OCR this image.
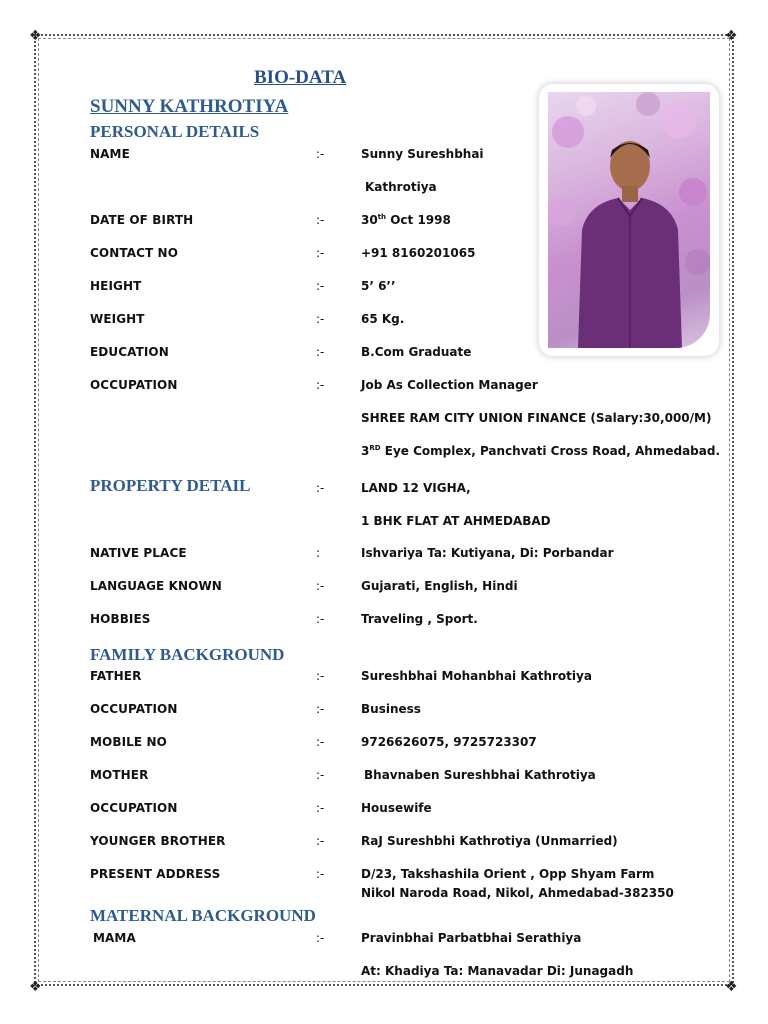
❖	❖
❖	❖
BIO-DATA
SUNNY KATHROTIYA
PERSONAL DETAILS
NAME	:-	Sunny Sureshbhai
Kathrotiya
DATE OF BIRTH	:-	30th Oct 1998
CONTACT NO	:-	+91 8160201065
HEIGHT	:-	5’ 6’’
WEIGHT	:-	65 Kg.
EDUCATION	:-	B.Com Graduate
OCCUPATION	:-	Job As Collection Manager
SHREE RAM CITY UNION FINANCE (Salary:30,000/M)
3RD Eye Complex, Panchvati Cross Road, Ahmedabad.
PROPERTY DETAIL	:-	LAND 12 VIGHA,
1 BHK FLAT AT AHMEDABAD
NATIVE PLACE	:	Ishvariya Ta: Kutiyana, Di: Porbandar
LANGUAGE KNOWN	:-	Gujarati, English, Hindi
HOBBIES	:-	Traveling , Sport.
FAMILY BACKGROUND
FATHER	:-	Sureshbhai Mohanbhai Kathrotiya
OCCUPATION	:-	Business
MOBILE NO	:-	9726626075, 9725723307
MOTHER	:-	Bhavnaben Sureshbhai Kathrotiya
OCCUPATION	:-	Housewife
YOUNGER BROTHER	:-	RaJ Sureshbhi Kathrotiya (Unmarried)
PRESENT ADDRESS	:-	D/23, Takshashila Orient , Opp Shyam Farm
Nikol Naroda Road, Nikol, Ahmedabad-382350
MATERNAL BACKGROUND
MAMA	:-	Pravinbhai Parbatbhai Serathiya
At: Khadiya Ta: Manavadar Di: Junagadh
